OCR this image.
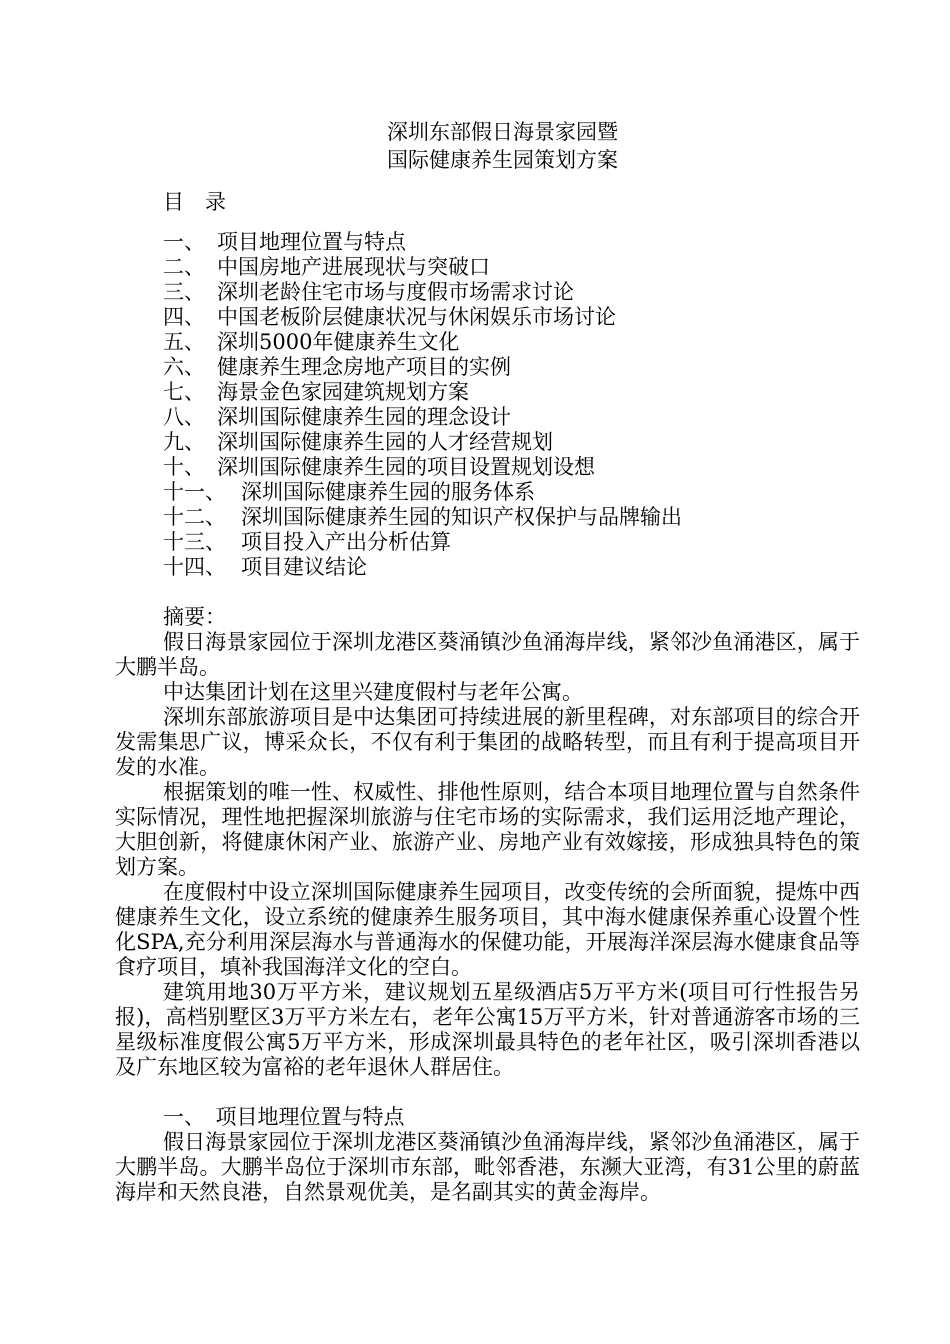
深圳东部假日海景家园暨
国际健康养生园策划方案
目　录
一、 项目地理位置与特点
二、 中国房地产进展现状与突破口
三、 深圳老龄住宅市场与度假市场需求讨论
四、 中国老板阶层健康状况与休闲娱乐市场讨论
五、 深圳5000年健康养生文化
六、 健康养生理念房地产项目的实例
七、 海景金色家园建筑规划方案
八、 深圳国际健康养生园的理念设计
九、 深圳国际健康养生园的人才经营规划
十、 深圳国际健康养生园的项目设置规划设想
十一、 深圳国际健康养生园的服务体系
十二、 深圳国际健康养生园的知识产权保护与品牌输出
十三、 项目投入产出分析估算
十四、 项目建议结论
摘要：

假日海景家园位于深圳龙港区葵涌镇沙鱼涌海岸线，紧邻沙鱼涌港区，属于大鹏半岛。

中达集团计划在这里兴建度假村与老年公寓。

深圳东部旅游项目是中达集团可持续进展的新里程碑，对东部项目的综合开发需集思广议，博采众长，不仅有利于集团的战略转型，而且有利于提高项目开发的水准。

根据策划的唯一性、权威性、排他性原则，结合本项目地理位置与自然条件实际情况，理性地把握深圳旅游与住宅市场的实际需求，我们运用泛地产理论，大胆创新，将健康休闲产业、旅游产业、房地产业有效嫁接，形成独具特色的策划方案。

在度假村中设立深圳国际健康养生园项目，改变传统的会所面貌，提炼中西健康养生文化，设立系统的健康养生服务项目，其中海水健康保养重心设置个性化SPA,充分利用深层海水与普通海水的保健功能，开展海洋深层海水健康食品等食疗项目，填补我国海洋文化的空白。

建筑用地30万平方米，建议规划五星级酒店5万平方米(项目可行性报告另报)，高档别墅区3万平方米左右，老年公寓15万平方米，针对普通游客市场的三星级标准度假公寓5万平方米，形成深圳最具特色的老年社区，吸引深圳香港以及广东地区较为富裕的老年退休人群居住。

一、　项目地理位置与特点

假日海景家园位于深圳龙港区葵涌镇沙鱼涌海岸线，紧邻沙鱼涌港区，属于大鹏半岛。大鹏半岛位于深圳市东部，毗邻香港，东濒大亚湾，有31公里的蔚蓝海岸和天然良港，自然景观优美，是名副其实的黄金海岸。
